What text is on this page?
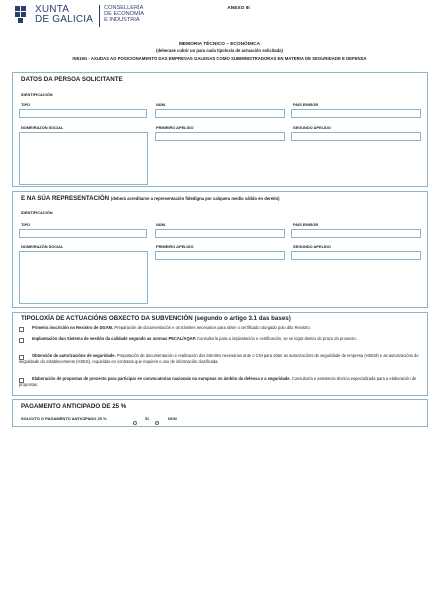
XUNTA
DE GALICIA
CONSELLERÍA
DE ECONOMÍA
E INDUSTRIA
ANEXO III
MEMORIA TÉCNICO – ECONÓMICA
(deberase cubrir un para cada tipoloxía de actuación solicitada)
IN519G - AXUDAS AO POSICIONAMENTO DAS EMPRESAS GALEGAS COMO SUBMINISTRADORAS EN MATERIA DE SEGURIDADE E DEFENSA
DATOS DA PERSOA SOLICITANTE
IDENTIFICACIÓN
TIPO	NÚM.	PAÍS EMISOR
NOME/RAZÓN SOCIAL	PRIMEIRO APELIDO	SEGUNDO APELIDO
E NA SÚA REPRESENTACIÓN (deberá acreditarse a representación fidedigna por calquera medio válido en dereito)
IDENTIFICACIÓN
TIPO	NÚM.	PAÍS EMISOR
NOME/RAZÓN SOCIAL	PRIMEIRO APELIDO	SEGUNDO APELIDO
TIPOLOXÍA DE ACTUACIÓNS OBXECTO DA SUBVENCIÓN (segundo o artigo 3.1 das bases)
Primeira inscrición no Rexistro de DGAM. Preparación de documentación e os trámites necesarios para obter o certificado otorgado polo dito Rexistro.
Implantación dun Sistema de xestión da calidade segundo as normas PECAL/AQAP. Consultoría para a implantación e certificación, se se logra dentro do prazo do proxecto.
Obtención de autorizacións de seguridade. Preparación de documentación e realización dos trámites necesarios ante o CNI para obter as autorizacións de seguridade de empresa (HSEM) e as autorizacións de seguridade do establecemento (HSES), requiridas en contratos que requiren o uso de información clasificada.
Elaboración de propostas de proxecto para participar en convocatorias nacionais ou europeas no ámbito da defensa e a seguridade. Consultoría e asistencia técnica especializada para a elaboración de propostas.
PAGAMENTO ANTICIPADO DE 25 %
SOLICITO O PAGAMENTO ANTICIPADO 25 %	SI	NON
